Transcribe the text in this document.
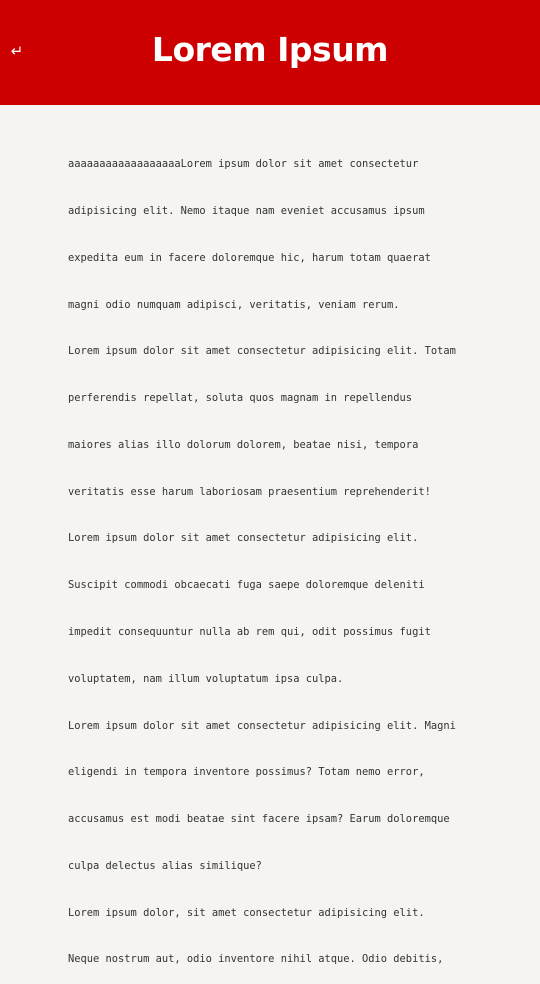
↵	Lorem Ipsum

aaaaaaaaaaaaaaaaaaLorem ipsum dolor sit amet consectetur

adipisicing elit. Nemo itaque nam eveniet accusamus ipsum

expedita eum in facere doloremque hic, harum totam quaerat

magni odio numquam adipisci, veritatis, veniam rerum.

Lorem ipsum dolor sit amet consectetur adipisicing elit. Totam

perferendis repellat, soluta quos magnam in repellendus

maiores alias illo dolorum dolorem, beatae nisi, tempora

veritatis esse harum laboriosam praesentium reprehenderit!

Lorem ipsum dolor sit amet consectetur adipisicing elit.

Suscipit commodi obcaecati fuga saepe doloremque deleniti

impedit consequuntur nulla ab rem qui, odit possimus fugit

voluptatem, nam illum voluptatum ipsa culpa.

Lorem ipsum dolor sit amet consectetur adipisicing elit. Magni

eligendi in tempora inventore possimus? Totam nemo error,

accusamus est modi beatae sint facere ipsam? Earum doloremque

culpa delectus alias similique?

Lorem ipsum dolor, sit amet consectetur adipisicing elit.

Neque nostrum aut, odio inventore nihil atque. Odio debitis,
